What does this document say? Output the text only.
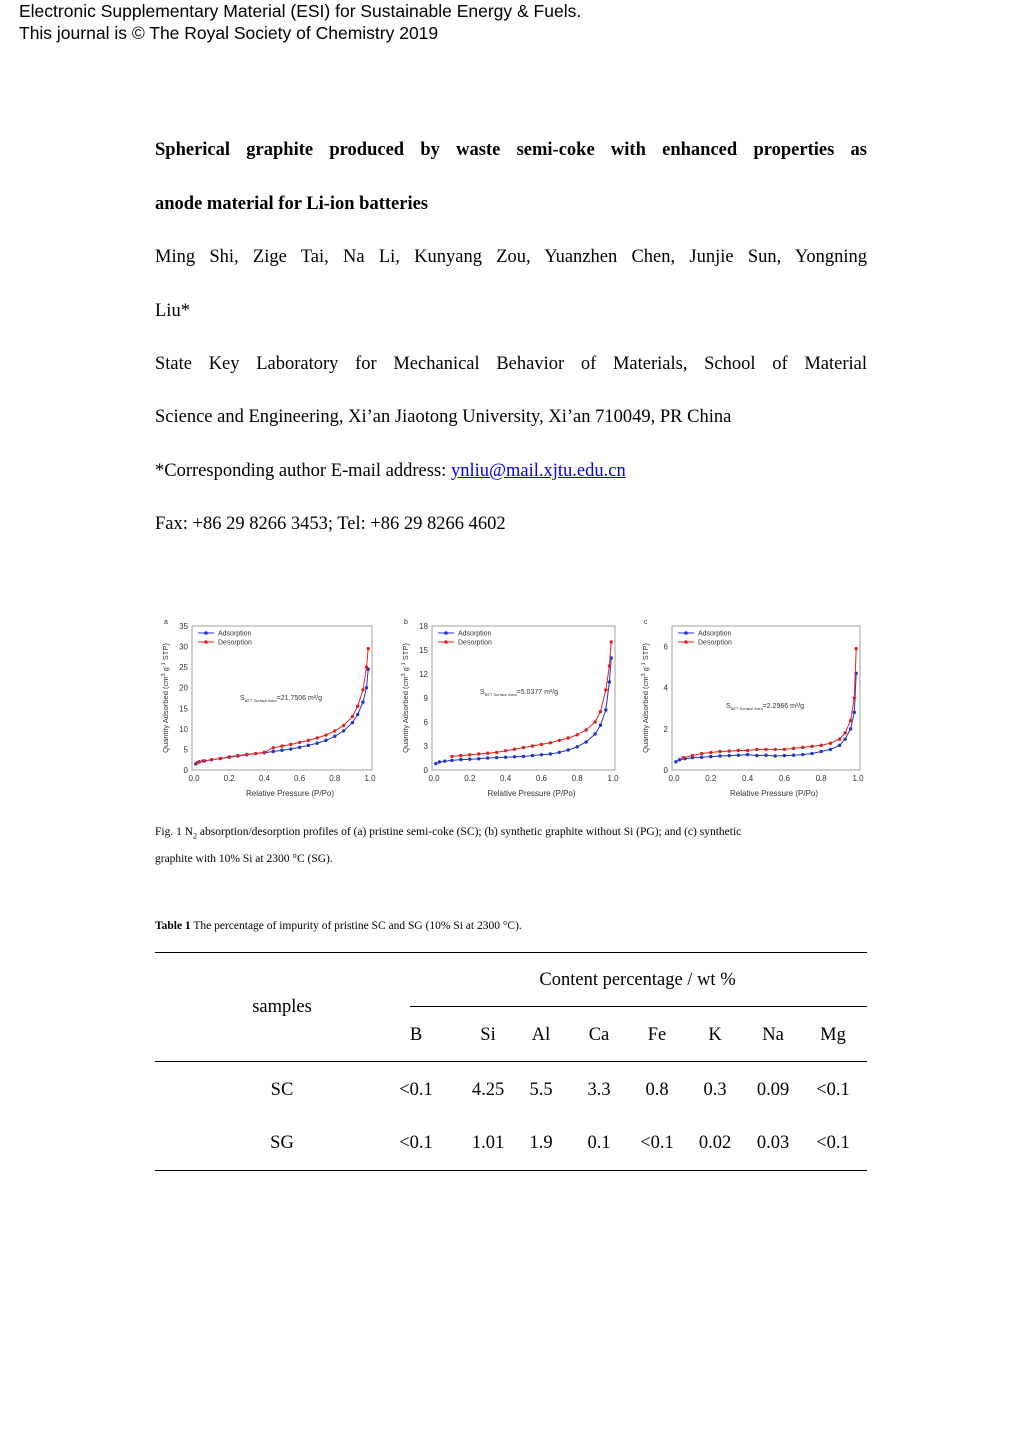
Electronic Supplementary Material (ESI) for Sustainable Energy & Fuels.
This journal is © The Royal Society of Chemistry 2019
Spherical graphite produced by waste semi-coke with enhanced properties as
anode material for Li-ion batteries
Ming Shi, Zige Tai, Na Li, Kunyang Zou, Yuanzhen Chen, Junjie Sun, Yongning
Liu*
State Key Laboratory for Mechanical Behavior of Materials, School of Material
Science and Engineering, Xi’an Jiaotong University, Xi’an 710049, PR China
*Corresponding author E-mail address: ynliu@mail.xjtu.edu.cn
Fax: +86 29 8266 3453; Tel: +86 29 8266 4602
a
0.0	0.2	0.4	0.6	0.8	1.0
0
5
10
15
20
25
30
35
Relative Pressure (P/Po)
Quantity Adsorbed ($cm^3$ $g^{-1}$ STP)
Adsorption
Desorption
$S_{BET Surface Area}=21.7506$ m²/g
b
0.0	0.2	0.4	0.6	0.8	1.0
0
3
6
9
12
15
18
Relative Pressure (P/Po)
Quantity Adsorbed ($cm^3$ $g^{-1}$ STP)
Adsorption
Desorption
$S_{BET Surface Area}=5.0377$ m²/g
c
0.0	0.2	0.4	0.6	0.8	1.0
0
2
4
6
Relative Pressure (P/Po)
Quantity Adsorbed ($cm^3$ $g^{-1}$ STP)
Adsorption
Desorption
$S_{BET Surface Area}=2.2966$ m²/g
Fig. 1 $N_2$ absorption/desorption profiles of (a) pristine semi-coke (SC); (b) synthetic graphite without Si (PG); and (c) synthetic
graphite with 10% Si at 2300 °C (SG).
Table 1 The percentage of impurity of pristine SC and SG (10% Si at 2300 °C).
samples
Content percentage / wt %
B	Si	Al	Ca	Fe	K	Na	Mg
SC	<0.1	4.25	5.5	3.3	0.8	0.3	0.09	<0.1
SG	<0.1	1.01	1.9	0.1	<0.1	0.02	0.03	<0.1
